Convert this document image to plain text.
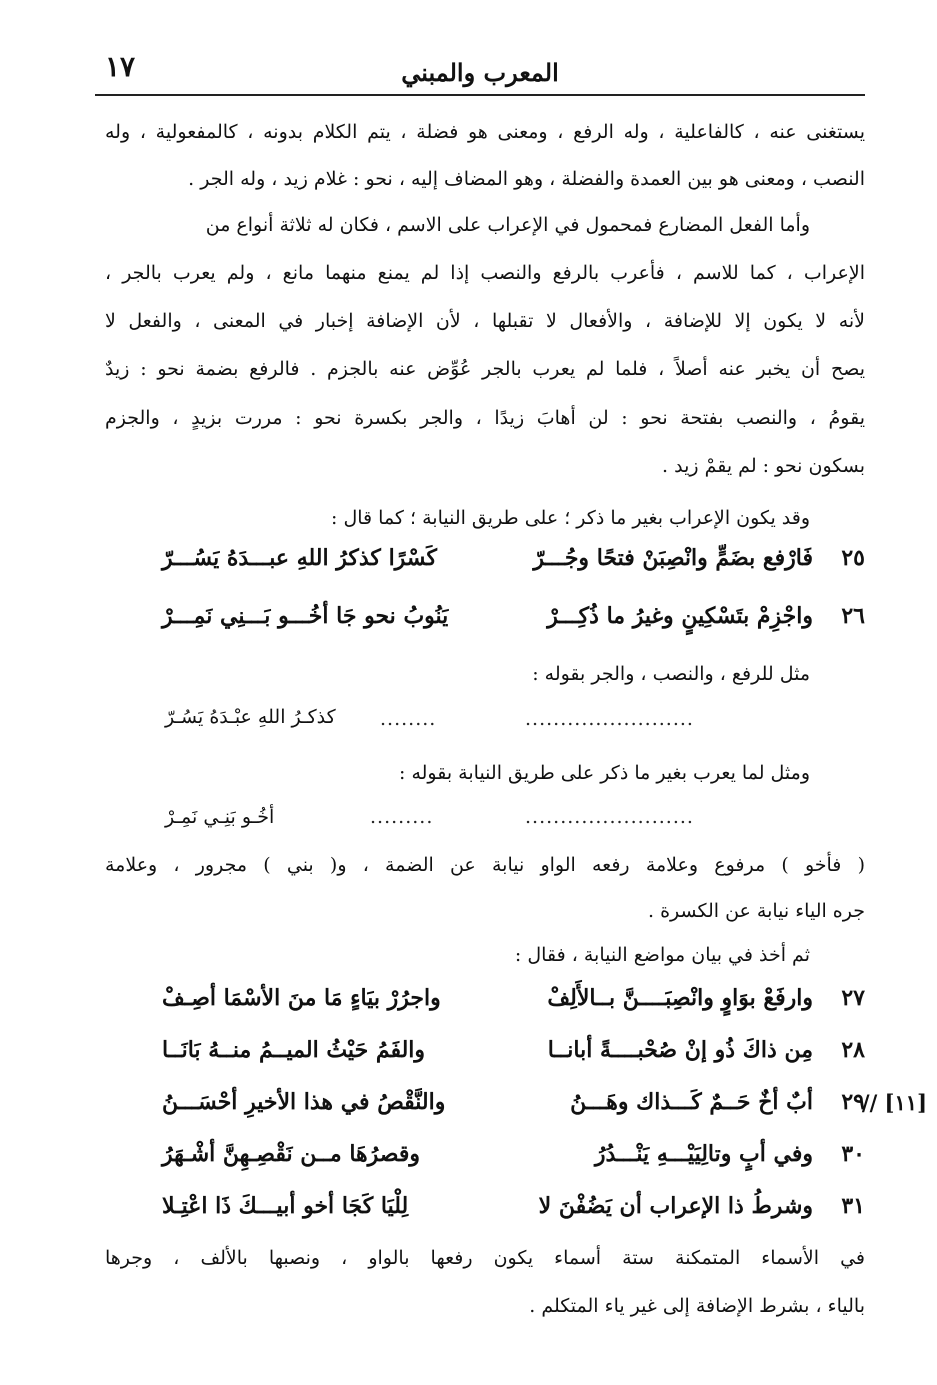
١٧	المعرب والمبني
يستغنى عنه ، كالفاعلية ، وله الرفع ، ومعنى هو فضلة ، يتم الكلام بدونه ، كالمفعولية ، وله
النصب ، ومعنى هو بين العمدة والفضلة ، وهو المضاف إليه ، نحو : غلام زيد ، وله الجر .
وأما الفعل المضارع فمحمول في الإعراب على الاسم ، فكان له ثلاثة أنواع من
الإعراب ، كما للاسم ، فأعرب بالرفع والنصب إذا لم يمنع منهما مانع ، ولم يعرب بالجر ،
لأنه لا يكون إلا للإضافة ، والأفعال لا تقبلها ، لأن الإضافة إخبار في المعنى ، والفعل لا
يصح أن يخبر عنه أصلاً ، فلما لم يعرب بالجر عُوِّض عنه بالجزم . فالرفع بضمة نحو : زيدٌ
يقومُ ، والنصب بفتحة نحو : لن أهابَ زيدًا ، والجر بكسرة نحو : مررت بزيدٍ ، والجزم
بسكون نحو : لم يقمْ زيد .
وقد يكون الإعراب بغير ما ذكر ؛ على طريق النيابة ؛ كما قال :
٢٥
فَارْفع بضَمٍّ وانْصِبَنْ فتحًا وجُـــرّ
كَسْرًا كذكرُ اللهِ عبـــدَهُ يَسُـــرّ
٢٦
واجْزِمْ بتَسْكِينٍ وغيرُ ما ذُكِـــرْ
يَنُوبُ نحو جَا أخُـــو بَـــنِي نَمِـــرْ
مثل للرفع ، والنصب ، والجر بقوله :
........................
........
كذكـرُ اللهِ عبْـدَهُ يَسُـرّ
ومثل لما يعرب بغير ما ذكر على طريق النيابة بقوله :
........................
.........
أخُـو بَنِـي نَمِـرْ
( فأخو ) مرفوع وعلامة رفعه الواو نيابة عن الضمة ، و( بني ) مجرور ، وعلامة
جره الياء نيابة عن الكسرة .
ثم أخذ في بيان مواضع النيابة ، فقال :
٢٧
وارفَعْ بوَاوٍ وانْصِبَــــنَّ بــالأَلِفْ
واجرُرْ بيَاءٍ مَا منَ الأسْمَا أصِـفْ
٢٨
مِن ذاكَ ذُو إنْ صُحْبــــةً أبانــا
والفَمُ حَيْثُ الميــمُ منــهُ بَانَــا
[١١] //
٢٩
أبٌ أخٌ حَــمٌ كَـــذاك وهَـــنُ
والنَّقْصُ في هذا الأخيرِ أحْسَـــنُ
٣٠
وفي أبٍ وتالِيَيْـــهِ يَنْـــدُرُ
وقصرُهَا مــن نَقْصِـهِنَّ أشْـهَرُ
٣١
وشرطُ ذا الإعراب أن يَضُفْنَ لا
لِلْيَا كَجَا أخو أبيـــكَ ذَا اعْتِـلا
في الأسماء المتمكنة ستة أسماء يكون رفعها بالواو ، ونصبها بالألف ، وجرها
بالياء ، بشرط الإضافة إلى غير ياء المتكلم .
